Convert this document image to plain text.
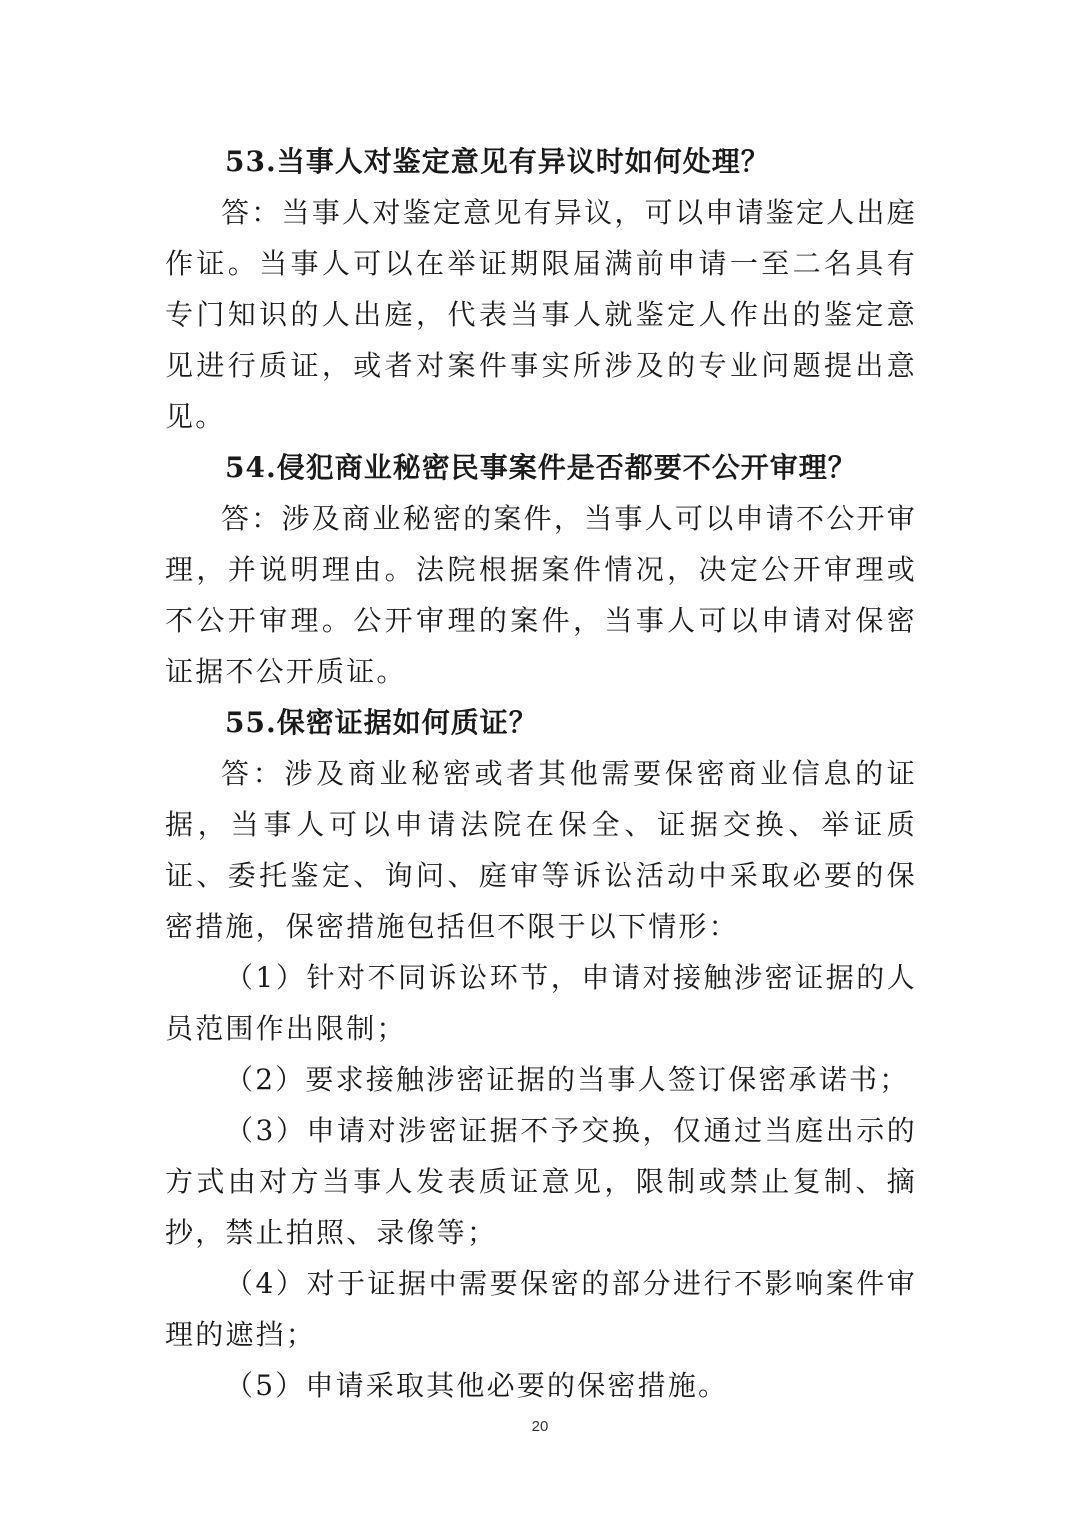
53.当事人对鉴定意见有异议时如何处理？

答：当事人对鉴定意见有异议，可以申请鉴定人出庭作证。当事人可以在举证期限届满前申请一至二名具有专门知识的人出庭，代表当事人就鉴定人作出的鉴定意见进行质证，或者对案件事实所涉及的专业问题提出意见。

54.侵犯商业秘密民事案件是否都要不公开审理？

答：涉及商业秘密的案件，当事人可以申请不公开审理，并说明理由。法院根据案件情况，决定公开审理或不公开审理。公开审理的案件，当事人可以申请对保密证据不公开质证。

55.保密证据如何质证？

答：涉及商业秘密或者其他需要保密商业信息的证据，当事人可以申请法院在保全、证据交换、举证质证、委托鉴定、询问、庭审等诉讼活动中采取必要的保密措施，保密措施包括但不限于以下情形：

（1）针对不同诉讼环节，申请对接触涉密证据的人员范围作出限制；

（2）要求接触涉密证据的当事人签订保密承诺书；

（3）申请对涉密证据不予交换，仅通过当庭出示的方式由对方当事人发表质证意见，限制或禁止复制、摘抄，禁止拍照、录像等；

（4）对于证据中需要保密的部分进行不影响案件审理的遮挡；

（5）申请采取其他必要的保密措施。

20
